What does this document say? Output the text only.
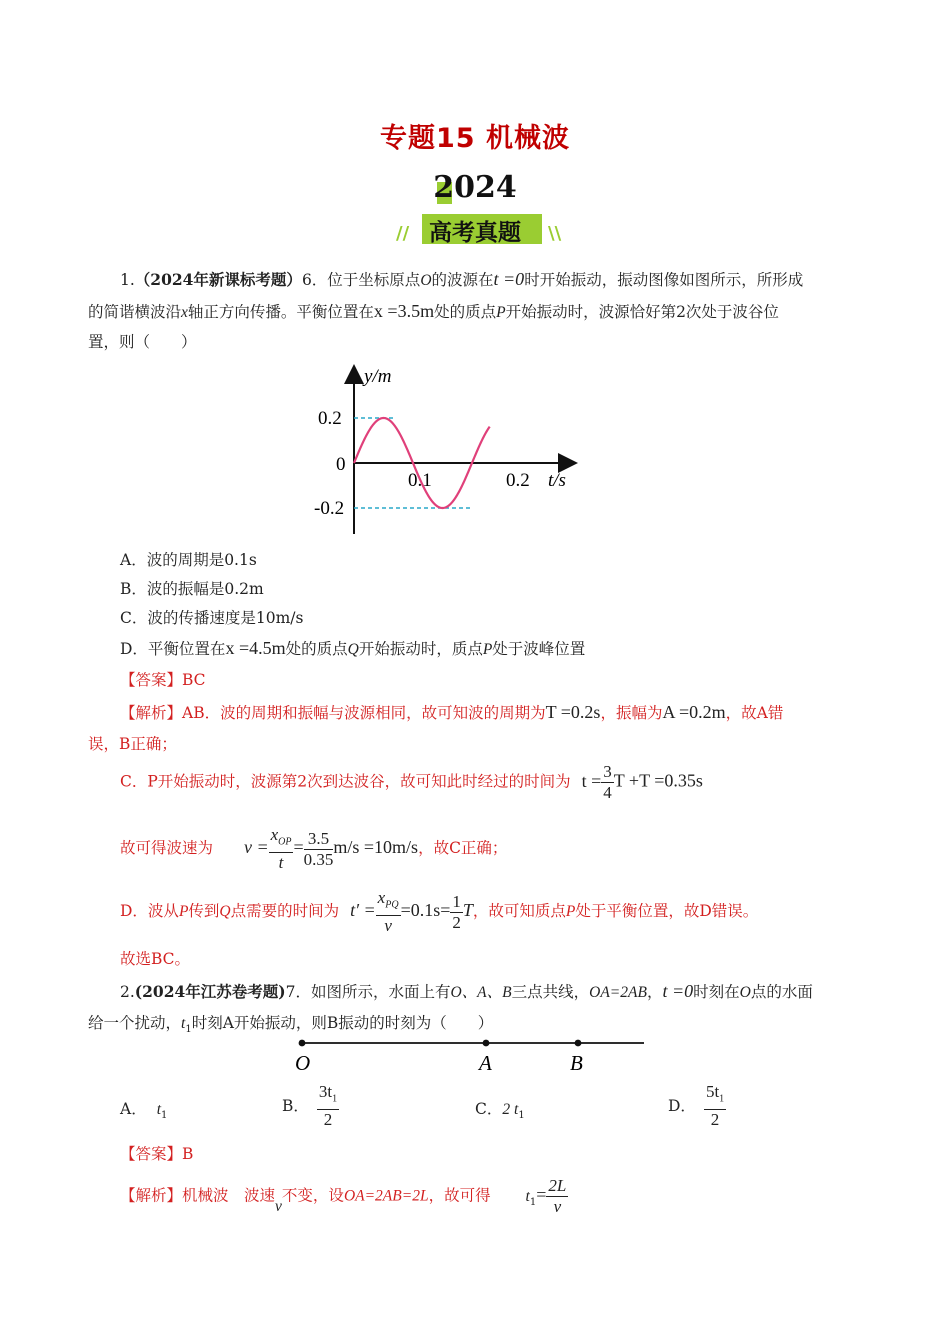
专题15 机械波
2024
高考真题
//	\\
1.（2024年新课标考题）6．位于坐标原点O的波源在t =0时开始振动，振动图像如图所示，所形成
的简谐横波沿x轴正方向传播。平衡位置在x =3.5m处的质点P开始振动时，波源恰好第2次处于波谷位
置，则（　　）
y/m
0.2
0
-0.2
0.1	0.2 t/s
A．波的周期是0.1s
B．波的振幅是0.2m
C．波的传播速度是10m/s
D．平衡位置在x =4.5m处的质点Q开始振动时，质点P处于波峰位置
【答案】BC
【解析】AB．波的周期和振幅与波源相同，故可知波的周期为T =0.2s，振幅为A =0.2m，故A错
误，B正确；
C．P开始振动时，波源第2次到达波谷，故可知此时经过的时间为 $t = \frac{3}{4}$ T +T =0.35s
故可得波速为 $v = \frac{x_{OP}}{t} = \frac{3.5}{0.35} m/s =10m/s$，故C正确；
D．波从P传到Q点需要的时间为 $t' = \frac{x_{PQ}}{v} =0.1s= \frac{1}{2}$ T，故可知质点P处于平衡位置，故D错误。
故选BC。
2.(2024年江苏卷考题)7．如图所示，水面上有O、A、B三点共线，OA=2AB，t =0时刻在O点的水面
给一个扰动，$t_1$时刻A开始振动，则B振动的时刻为（　　）
O	A	B
A． $t_1$
B． $\frac{3t_1}{2}$	C．2 $t_1$
D． $\frac{5t_1}{2}$
【答案】B
【解析】机械波　波速v不变，设OA=2AB=2L，故可得 $t_1= \frac{2L}{v}$
